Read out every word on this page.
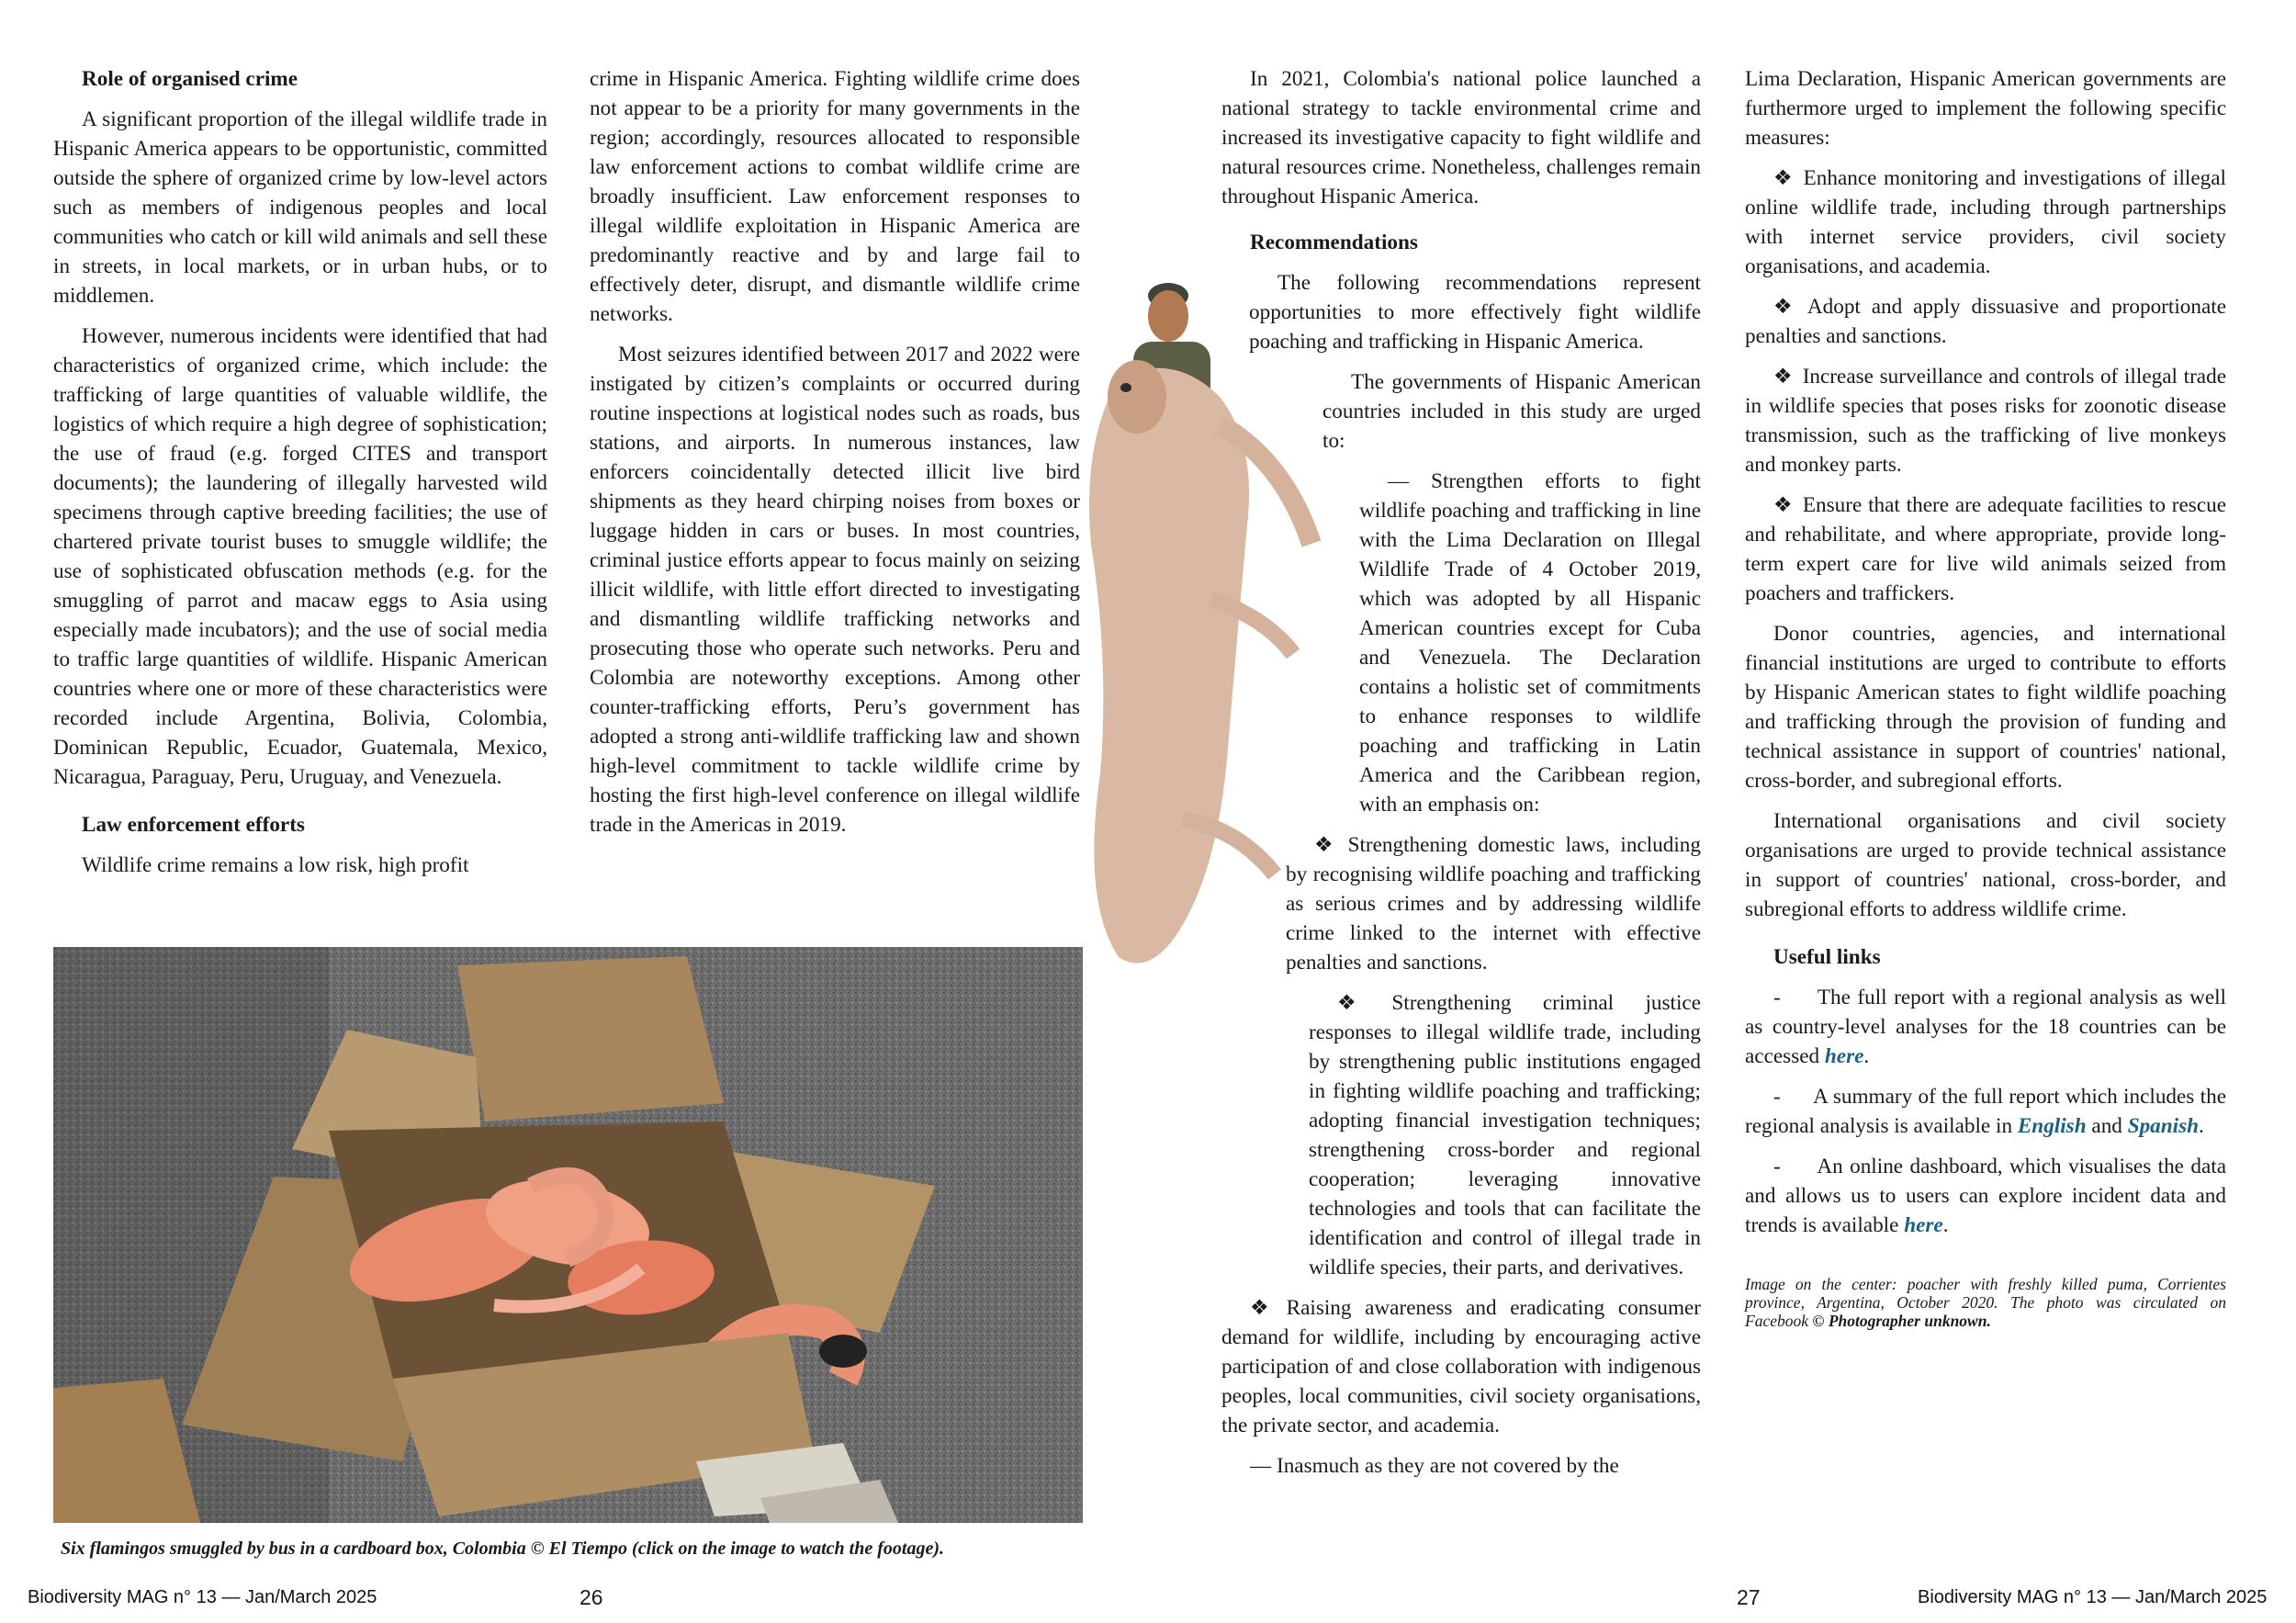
Role of organised crime

A significant proportion of the illegal wildlife trade in Hispanic America appears to be opportunistic, committed outside the sphere of organized crime by low-level actors such as members of indigenous peoples and local communities who catch or kill wild animals and sell these in streets, in local markets, or in urban hubs, or to middlemen.

However, numerous incidents were identified that had characteristics of organized crime, which include: the trafficking of large quantities of valuable wildlife, the logistics of which require a high degree of sophistication; the use of fraud (e.g. forged CITES and transport documents); the laundering of illegally harvested wild specimens through captive breeding facilities; the use of chartered private tourist buses to smuggle wildlife; the use of sophisticated obfuscation methods (e.g. for the smuggling of parrot and macaw eggs to Asia using especially made incubators); and the use of social media to traffic large quantities of wildlife. Hispanic American countries where one or more of these characteristics were recorded include Argentina, Bolivia, Colombia, Dominican Republic, Ecuador, Guatemala, Mexico, Nicaragua, Paraguay, Peru, Uruguay, and Venezuela.

Law enforcement efforts

Wildlife crime remains a low risk, high profit

crime in Hispanic America. Fighting wildlife crime does not appear to be a priority for many governments in the region; accordingly, resources allocated to responsible law enforcement actions to combat wildlife crime are broadly insufficient. Law enforcement responses to illegal wildlife exploitation in Hispanic America are predominantly reactive and by and large fail to effectively deter, disrupt, and dismantle wildlife crime networks.

Most seizures identified between 2017 and 2022 were instigated by citizen’s complaints or occurred during routine inspections at logistical nodes such as roads, bus stations, and airports. In numerous instances, law enforcers coincidentally detected illicit live bird shipments as they heard chirping noises from boxes or luggage hidden in cars or buses. In most countries, criminal justice efforts appear to focus mainly on seizing illicit wildlife, with little effort directed to investigating and dismantling wildlife trafficking networks and prosecuting those who operate such networks. Peru and Colombia are noteworthy exceptions. Among other counter-trafficking efforts, Peru’s government has adopted a strong anti-wildlife trafficking law and shown high-level commitment to tackle wildlife crime by hosting the first high-level conference on illegal wildlife trade in the Americas in 2019.

Six flamingos smuggled by bus in a cardboard box, Colombia © El Tiempo (click on the image to watch the footage).

In 2021, Colombia's national police launched a national strategy to tackle environmental crime and increased its investigative capacity to fight wildlife and natural resources crime. Nonetheless, challenges remain throughout Hispanic America.

Recommendations

The following recommendations represent opportunities to more effectively fight wildlife poaching and trafficking in Hispanic America.

The governments of Hispanic American countries included in this study are urged to:

— Strengthen efforts to fight wildlife poaching and trafficking in line with the Lima Declaration on Illegal Wildlife Trade of 4 October 2019, which was adopted by all Hispanic American countries except for Cuba and Venezuela. The Declaration contains a holistic set of commitments to enhance responses to wildlife poaching and trafficking in Latin America and the Caribbean region, with an emphasis on:

❖ Strengthening domestic laws, including by recognising wildlife poaching and trafficking as serious crimes and by addressing wildlife crime linked to the internet with effective penalties and sanctions.

❖ Strengthening criminal justice responses to illegal wildlife trade, including by strengthening public institutions engaged in fighting wildlife poaching and trafficking; adopting financial investigation techniques; strengthening cross-border and regional cooperation; leveraging innovative technologies and tools that can facilitate the identification and control of illegal trade in wildlife species, their parts, and derivatives.

❖ Raising awareness and eradicating consumer demand for wildlife, including by encouraging active participation of and close collaboration with indigenous peoples, local communities, civil society organisations, the private sector, and academia.

— Inasmuch as they are not covered by the

Lima Declaration, Hispanic American governments are furthermore urged to implement the following specific measures:

❖ Enhance monitoring and investigations of illegal online wildlife trade, including through partnerships with internet service providers, civil society organisations, and academia.

❖ Adopt and apply dissuasive and proportionate penalties and sanctions.

❖ Increase surveillance and controls of illegal trade in wildlife species that poses risks for zoonotic disease transmission, such as the trafficking of live monkeys and monkey parts.

❖ Ensure that there are adequate facilities to rescue and rehabilitate, and where appropriate, provide long-term expert care for live wild animals seized from poachers and traffickers.

Donor countries, agencies, and international financial institutions are urged to contribute to efforts by Hispanic American states to fight wildlife poaching and trafficking through the provision of funding and technical assistance in support of countries' national, cross-border, and subregional efforts.

International organisations and civil society organisations are urged to provide technical assistance in support of countries' national, cross-border, and subregional efforts to address wildlife crime.

Useful links

- The full report with a regional analysis as well as country-level analyses for the 18 countries can be accessed here.

- A summary of the full report which includes the regional analysis is available in English and Spanish.

- An online dashboard, which visualises the data and allows us to users can explore incident data and trends is available here.

Image on the center: poacher with freshly killed puma, Corrientes province, Argentina, October 2020. The photo was circulated on Facebook © Photographer unknown.

Biodiversity MAG n° 13 — Jan/March 2025	26	27	Biodiversity MAG n° 13 — Jan/March 2025
